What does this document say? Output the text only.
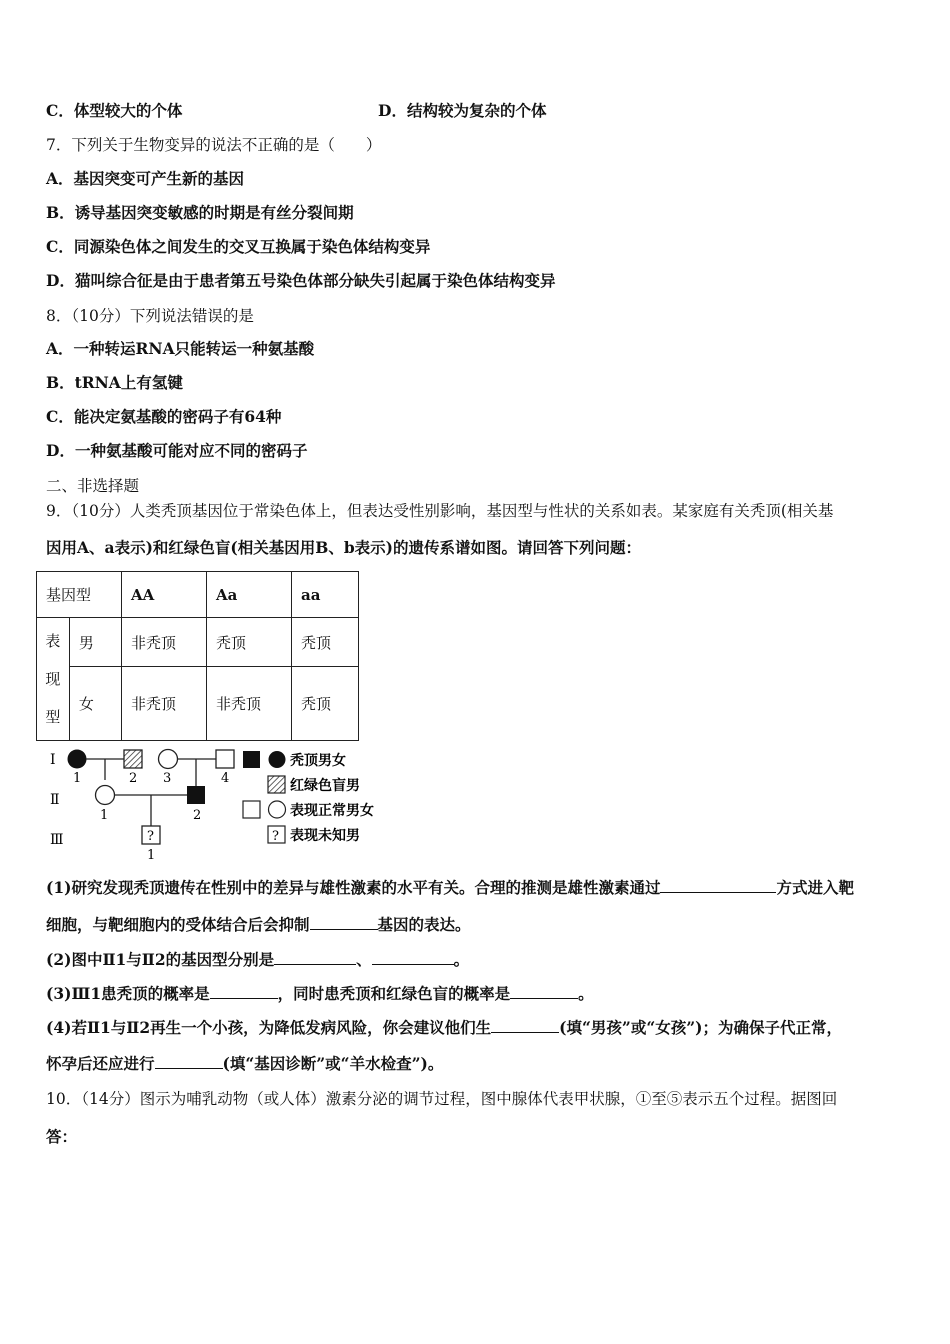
C．体型较大的个体	D．结构较为复杂的个体
7．下列关于生物变异的说法不正确的是（　　）
A．基因突变可产生新的基因
B．诱导基因突变敏感的时期是有丝分裂间期
C．同源染色体之间发生的交叉互换属于染色体结构变异
D．猫叫综合征是由于患者第五号染色体部分缺失引起属于染色体结构变异
8．（10分）下列说法错误的是
A．一种转运RNA只能转运一种氨基酸
B．tRNA上有氢键
C．能决定氨基酸的密码子有64种
D．一种氨基酸可能对应不同的密码子
二、非选择题
9．（10分）人类秃顶基因位于常染色体上，但表达受性别影响，基因型与性状的关系如表。某家庭有关秃顶(相关基
因用A、a表示)和红绿色盲(相关基因用B、b表示)的遗传系谱如图。请回答下列问题：
基因型		AA	Aa	aa

表
现
型	男	非秃顶	秃顶	秃顶
	女	非秃顶	非秃顶	秃顶
Ⅰ
Ⅱ
Ⅲ
1	2 3	4
1	2
?
1
秃顶男女
红绿色盲男
表现正常男女
? 表现未知男
(1)研究发现秃顶遗传在性别中的差异与雄性激素的水平有关。合理的推测是雄性激素通过	方式进入靶
细胞，与靶细胞内的受体结合后会抑制	基因的表达。
(2)图中Ⅱ1与Ⅱ2的基因型分别是	、	。
(3)Ⅲ1患秃顶的概率是	，同时患秃顶和红绿色盲的概率是	。
(4)若Ⅱ1与Ⅱ2再生一个小孩，为降低发病风险，你会建议他们生	(填“男孩”或“女孩”)；为确保子代正常，
怀孕后还应进行	(填“基因诊断”或“羊水检查”)。
10．（14分）图示为哺乳动物（或人体）激素分泌的调节过程，图中腺体代表甲状腺，①至⑤表示五个过程。据图回
答：
